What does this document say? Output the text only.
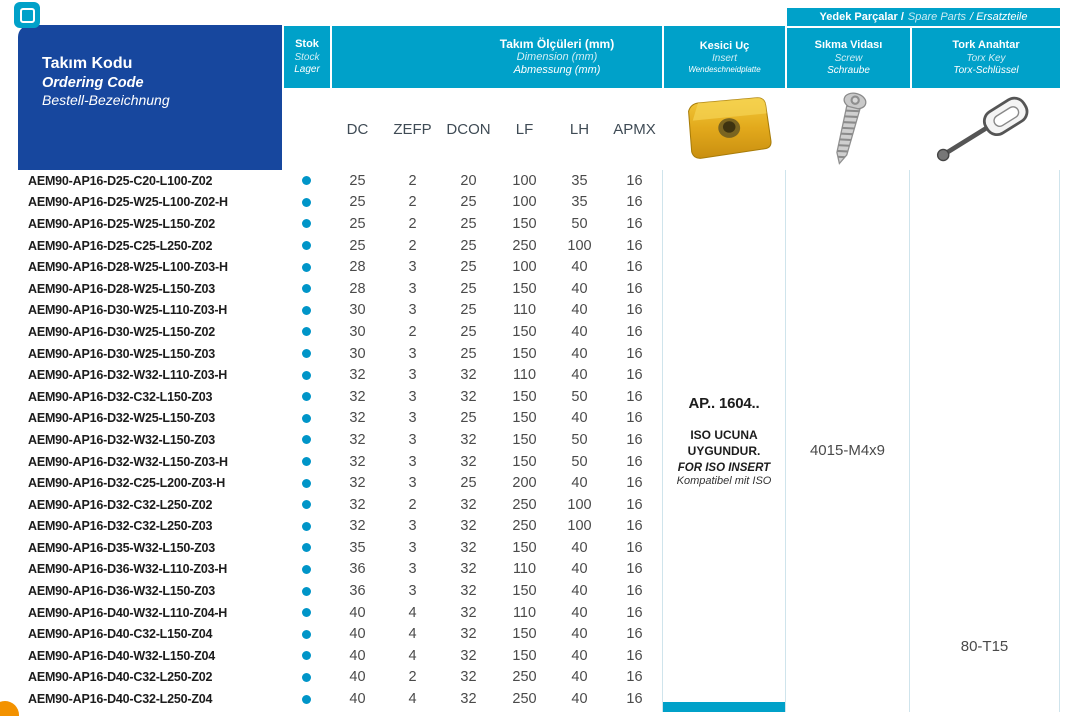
Takım Kodu
Ordering Code
Bestell-Bezeichnung
Stok
Stock
Lager
Takım Ölçüleri (mm)
Dimension (mm)
Abmessung (mm)
DC ZEFP DCON LF LH APMX
Kesici Uç
Insert
Wendeschneidplatte
Yedek Parçalar / Spare Parts / Ersatzteile
Sıkma Vidası
Screw
Schraube
Tork Anahtar
Torx Key
Torx-Schlüssel
AEM90-AP16-D25-C20-L100-Z02	25	2	20	100	35	16
AEM90-AP16-D25-W25-L100-Z02-H	25	2	25	100	35	16
AEM90-AP16-D25-W25-L150-Z02	25	2	25	150	50	16
AEM90-AP16-D25-C25-L250-Z02	25	2	25	250	100	16
AEM90-AP16-D28-W25-L100-Z03-H	28	3	25	100	40	16
AEM90-AP16-D28-W25-L150-Z03	28	3	25	150	40	16
AEM90-AP16-D30-W25-L110-Z03-H	30	3	25	110	40	16
AEM90-AP16-D30-W25-L150-Z02	30	2	25	150	40	16
AEM90-AP16-D30-W25-L150-Z03	30	3	25	150	40	16
AEM90-AP16-D32-W32-L110-Z03-H	32	3	32	110	40	16
AEM90-AP16-D32-C32-L150-Z03	32	3	32	150	50	16
AEM90-AP16-D32-W25-L150-Z03	32	3	25	150	40	16
AEM90-AP16-D32-W32-L150-Z03	32	3	32	150	50	16
AEM90-AP16-D32-W32-L150-Z03-H	32	3	32	150	50	16
AEM90-AP16-D32-C25-L200-Z03-H	32	3	25	200	40	16
AEM90-AP16-D32-C32-L250-Z02	32	2	32	250	100	16
AEM90-AP16-D32-C32-L250-Z03	32	3	32	250	100	16
AEM90-AP16-D35-W32-L150-Z03	35	3	32	150	40	16
AEM90-AP16-D36-W32-L110-Z03-H	36	3	32	110	40	16
AEM90-AP16-D36-W32-L150-Z03	36	3	32	150	40	16
AEM90-AP16-D40-W32-L110-Z04-H	40	4	32	110	40	16
AEM90-AP16-D40-C32-L150-Z04	40	4	32	150	40	16
AEM90-AP16-D40-W32-L150-Z04	40	4	32	150	40	16
AEM90-AP16-D40-C32-L250-Z02	40	2	32	250	40	16
AEM90-AP16-D40-C32-L250-Z04	40	4	32	250	40	16
AP.. 1604..
ISO UCUNA
UYGUNDUR.
FOR ISO INSERT
Kompatibel mit ISO
4015-M4x9
80-T15
